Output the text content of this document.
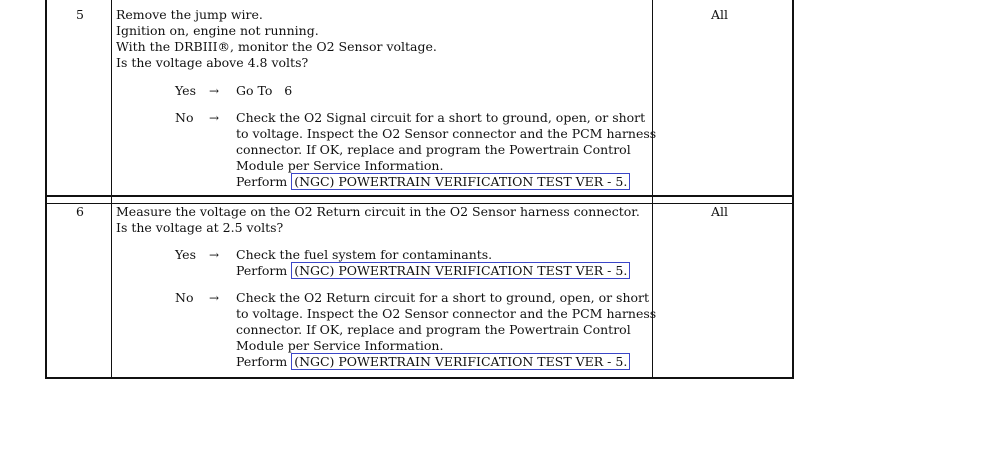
5	Remove the jump wire.
Ignition on, engine not running.
With the DRBIII®, monitor the O2 Sensor voltage.
Is the voltage above 4.8 volts?
All
Yes → Go To   6
No → Check the O2 Signal circuit for a short to ground, open, or short
to voltage. Inspect the O2 Sensor connector and the PCM harness
connector. If OK, replace and program the Powertrain Control
Module per Service Information.
Perform (NGC) POWERTRAIN VERIFICATION TEST VER - 5.
6	Measure the voltage on the O2 Return circuit in the O2 Sensor harness connector.
Is the voltage at 2.5 volts?
All
Yes → Check the fuel system for contaminants.
Perform (NGC) POWERTRAIN VERIFICATION TEST VER - 5.
No → Check the O2 Return circuit for a short to ground, open, or short
to voltage. Inspect the O2 Sensor connector and the PCM harness
connector. If OK, replace and program the Powertrain Control
Module per Service Information.
Perform (NGC) POWERTRAIN VERIFICATION TEST VER - 5.
